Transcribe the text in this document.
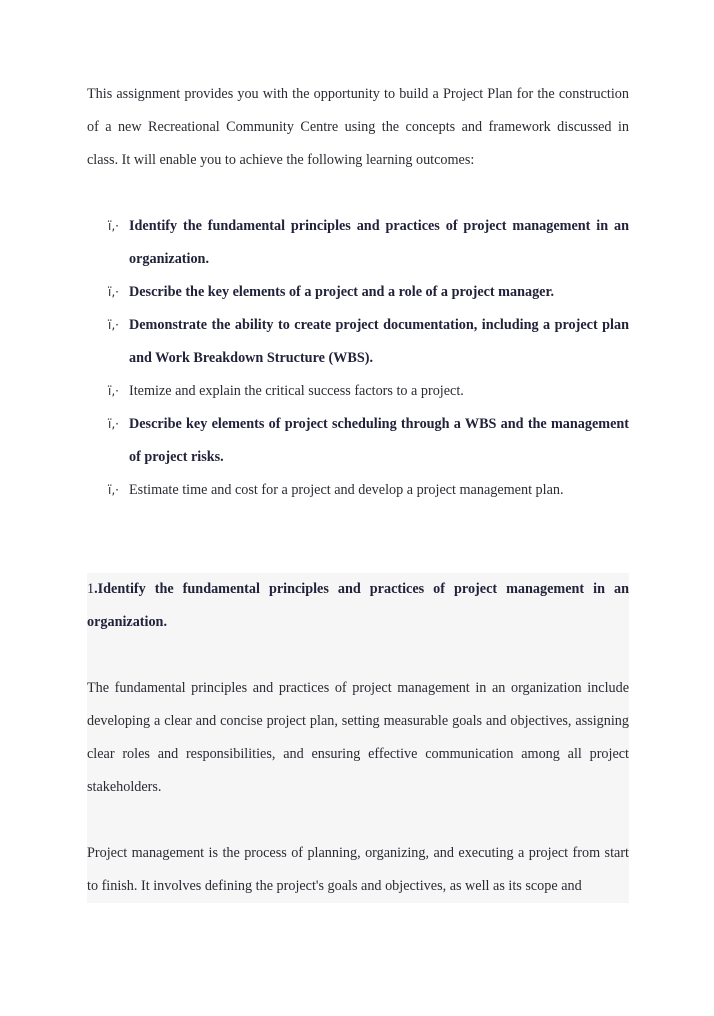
This assignment provides you with the opportunity to build a Project Plan for the construction of a new Recreational Community Centre using the concepts and framework discussed in class. It will enable you to achieve the following learning outcomes:

ï‚· Identify the fundamental principles and practices of project management in an organization.
ï‚· Describe the key elements of a project and a role of a project manager.
ï‚· Demonstrate the ability to create project documentation, including a project plan and Work Breakdown Structure (WBS).
ï‚· Itemize and explain the critical success factors to a project.
ï‚· Describe key elements of project scheduling through a WBS and the management of project risks.
ï‚· Estimate time and cost for a project and develop a project management plan.

1.Identify the fundamental principles and practices of project management in an organization.

The fundamental principles and practices of project management in an organization include developing a clear and concise project plan, setting measurable goals and objectives, assigning clear roles and responsibilities, and ensuring effective communication among all project stakeholders.

Project management is the process of planning, organizing, and executing a project from start to finish. It involves defining the project's goals and objectives, as well as its scope and
